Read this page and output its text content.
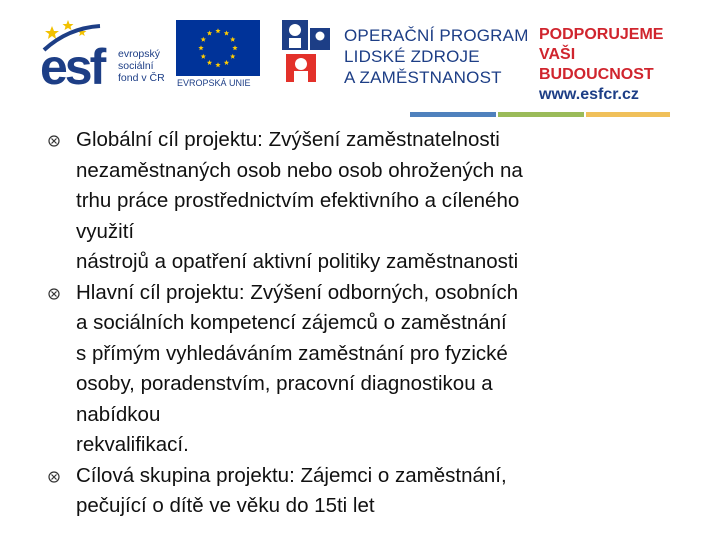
esf	evropský sociální fond v ČR EVROPSKÁ UNIE
OPERAČNÍ PROGRAM
LIDSKÉ ZDROJE
A ZAMĚSTNANOST
PODPORUJEME
VAŠI BUDOUCNOST
www.esfcr.cz
Globální cíl projektu: Zvýšení zaměstnatelnosti
nezaměstnaných osob nebo osob ohrožených na
trhu práce prostřednictvím efektivního a cíleného
využití
nástrojů a opatření aktivní politiky zaměstnanosti
Hlavní cíl projektu: Zvýšení odborných, osobních
a sociálních kompetencí zájemců o zaměstnání
s přímým vyhledáváním zaměstnání pro fyzické
osoby, poradenstvím, pracovní diagnostikou a
nabídkou
rekvalifikací.
Cílová skupina projektu: Zájemci o zaměstnání,
pečující o dítě ve věku do 15ti let
